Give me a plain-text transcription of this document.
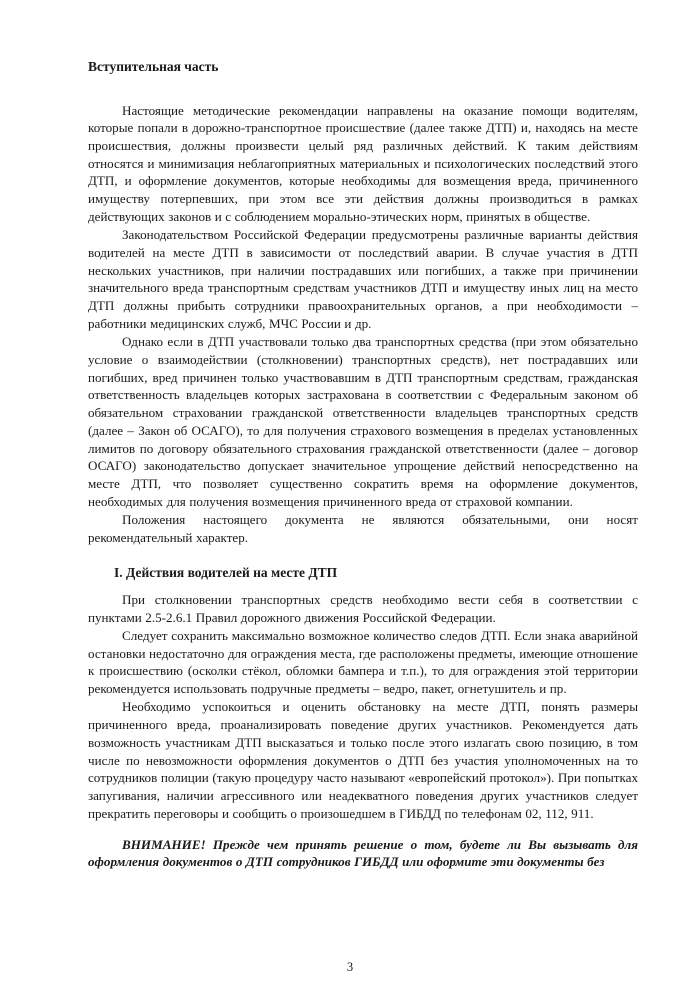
Вступительная часть

Настоящие методические рекомендации направлены на оказание помощи водителям, которые попали в дорожно-транспортное происшествие (далее также ДТП) и, находясь на месте происшествия, должны произвести целый ряд различных действий. К таким действиям относятся и минимизация неблагоприятных материальных и психологических последствий этого ДТП, и оформление документов, которые необходимы для возмещения вреда, причиненного имуществу потерпевших, при этом все эти действия должны производиться в рамках действующих законов и с соблюдением морально-этических норм, принятых в обществе.

Законодательством Российской Федерации предусмотрены различные варианты действия водителей на месте ДТП в зависимости от последствий аварии. В случае участия в ДТП нескольких участников, при наличии пострадавших или погибших, а также при причинении значительного вреда транспортным средствам участников ДТП и имуществу иных лиц на место ДТП должны прибыть сотрудники правоохранительных органов, а при необходимости – работники медицинских служб, МЧС России и др.

Однако если в ДТП участвовали только два транспортных средства (при этом обязательно условие о взаимодействии (столкновении) транспортных средств), нет пострадавших или погибших, вред причинен только участвовавшим в ДТП транспортным средствам, гражданская ответственность владельцев которых застрахована в соответствии с Федеральным законом об обязательном страховании гражданской ответственности владельцев транспортных средств (далее – Закон об ОСАГО), то для получения страхового возмещения в пределах установленных лимитов по договору обязательного страхования гражданской ответственности (далее – договор ОСАГО) законодательство допускает значительное упрощение действий непосредственно на месте ДТП, что позволяет существенно сократить время на оформление документов, необходимых для получения возмещения причиненного вреда от страховой компании.

Положения настоящего документа не являются обязательными, они носят рекомендательный характер.

I. Действия водителей на месте ДТП

При столкновении транспортных средств необходимо вести себя в соответствии с пунктами 2.5-2.6.1 Правил дорожного движения Российской Федерации.

Следует сохранить максимально возможное количество следов ДТП. Если знака аварийной остановки недостаточно для ограждения места, где расположены предметы, имеющие отношение к происшествию (осколки стёкол, обломки бампера и т.п.), то для ограждения этой территории рекомендуется использовать подручные предметы – ведро, пакет, огнетушитель и пр.

Необходимо успокоиться и оценить обстановку на месте ДТП, понять размеры причиненного вреда, проанализировать поведение других участников. Рекомендуется дать возможность участникам ДТП высказаться и только после этого излагать свою позицию, в том числе по невозможности оформления документов о ДТП без участия уполномоченных на то сотрудников полиции (такую процедуру часто называют «европейский протокол»). При попытках запугивания, наличии агрессивного или неадекватного поведения других участников следует прекратить переговоры и сообщить о произошедшем в ГИБДД по телефонам 02, 112, 911.

ВНИМАНИЕ! Прежде чем принять решение о том, будете ли Вы вызывать для оформления документов о ДТП сотрудников ГИБДД или оформите эти документы без

3
